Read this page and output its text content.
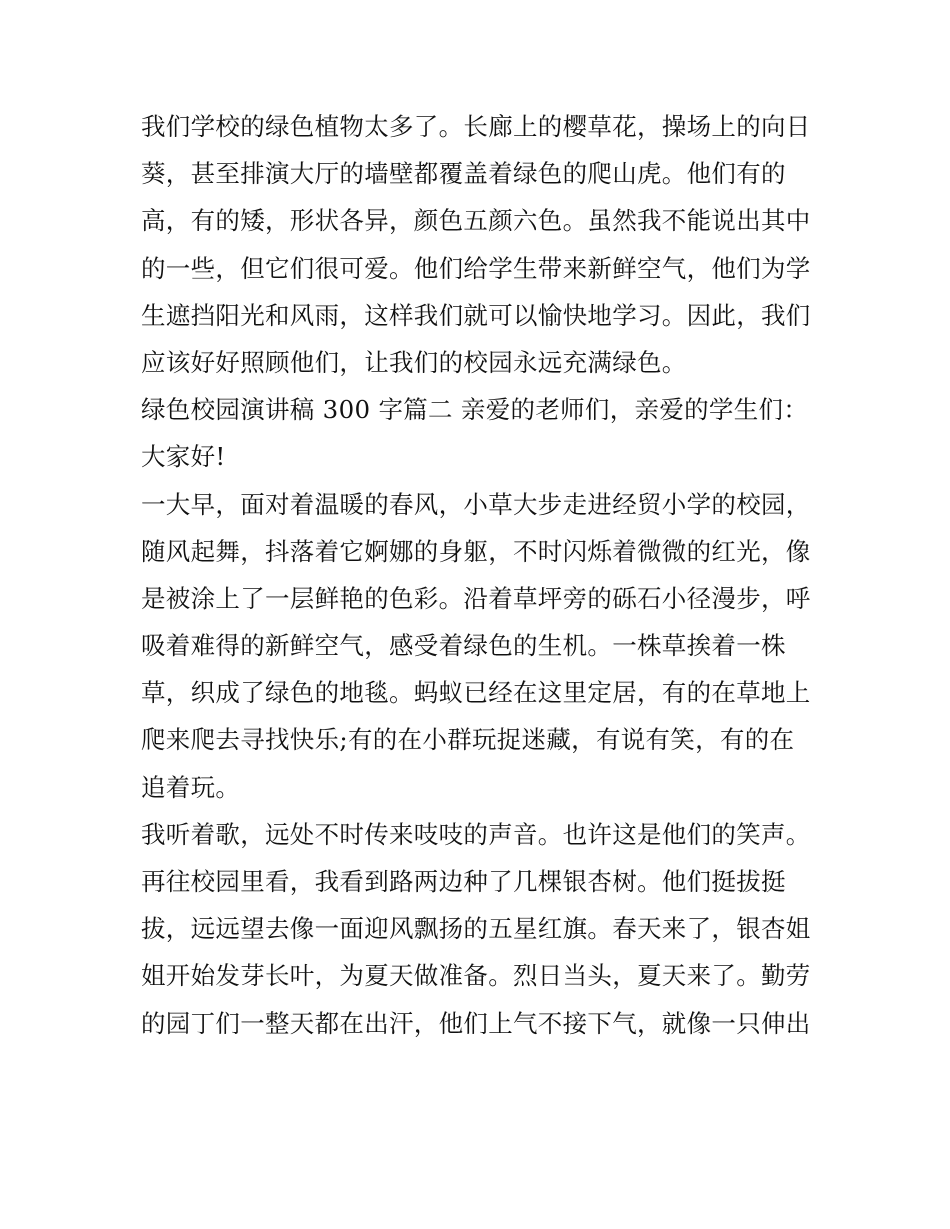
我们学校的绿色植物太多了。长廊上的樱草花，操场上的向日
葵，甚至排演大厅的墙壁都覆盖着绿色的爬山虎。他们有的
高，有的矮，形状各异，颜色五颜六色。虽然我不能说出其中
的一些，但它们很可爱。他们给学生带来新鲜空气，他们为学
生遮挡阳光和风雨，这样我们就可以愉快地学习。因此，我们
应该好好照顾他们，让我们的校园永远充满绿色。
绿色校园演讲稿 300 字篇二 亲爱的老师们，亲爱的学生们：
大家好!
一大早，面对着温暖的春风，小草大步走进经贸小学的校园，
随风起舞，抖落着它婀娜的身躯，不时闪烁着微微的红光，像
是被涂上了一层鲜艳的色彩。沿着草坪旁的砾石小径漫步，呼
吸着难得的新鲜空气，感受着绿色的生机。一株草挨着一株
草，织成了绿色的地毯。蚂蚁已经在这里定居，有的在草地上
爬来爬去寻找快乐;有的在小群玩捉迷藏，有说有笑，有的在
追着玩。
我听着歌，远处不时传来吱吱的声音。也许这是他们的笑声。
再往校园里看，我看到路两边种了几棵银杏树。他们挺拔挺
拔，远远望去像一面迎风飘扬的五星红旗。春天来了，银杏姐
姐开始发芽长叶，为夏天做准备。烈日当头，夏天来了。勤劳
的园丁们一整天都在出汗，他们上气不接下气，就像一只伸出
